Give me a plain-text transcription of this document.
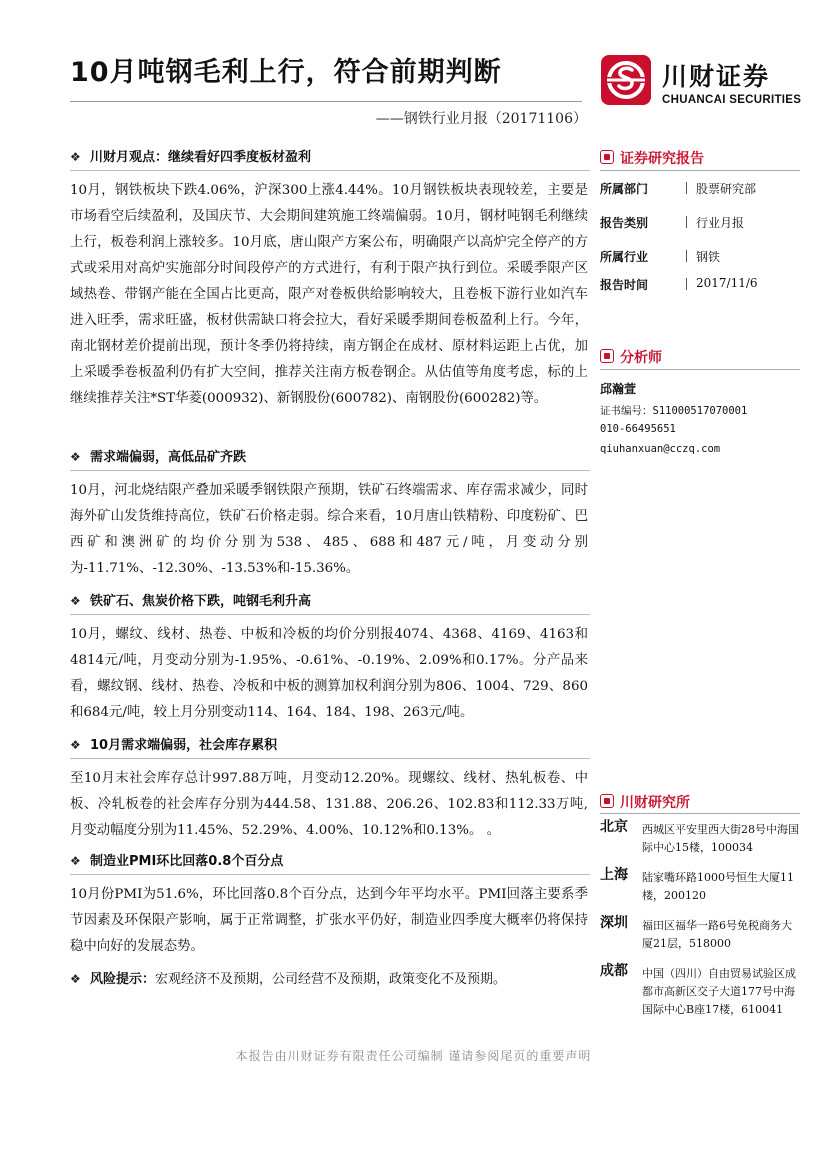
10月吨钢毛利上行，符合前期判断
——钢铁行业月报（20171106）
川财证券
CHUANCAI SECURITIES
❖ 川财月观点：继续看好四季度板材盈利
10月，钢铁板块下跌4.06%，沪深300上涨4.44%。10月钢铁板块表现较差，主要是市场看空后续盈利，及国庆节、大会期间建筑施工终端偏弱。10月，钢材吨钢毛利继续上行，板卷利润上涨较多。10月底，唐山限产方案公布，明确限产以高炉完全停产的方式或采用对高炉实施部分时间段停产的方式进行，有利于限产执行到位。采暖季限产区域热卷、带钢产能在全国占比更高，限产对卷板供给影响较大，且卷板下游行业如汽车进入旺季，需求旺盛，板材供需缺口将会拉大，看好采暖季期间卷板盈利上行。今年，南北钢材差价提前出现，预计冬季仍将持续，南方钢企在成材、原材料运距上占优，加上采暖季卷板盈利仍有扩大空间，推荐关注南方板卷钢企。从估值等角度考虑，标的上继续推荐关注*ST华菱(000932)、新钢股份(600782)、南钢股份(600282)等。
❖ 需求端偏弱，高低品矿齐跌
10月，河北烧结限产叠加采暖季钢铁限产预期，铁矿石终端需求、库存需求减少，同时海外矿山发货维持高位，铁矿石价格走弱。综合来看，10月唐山铁精粉、印度粉矿、巴西矿和澳洲矿的均价分别为538、485、688和487元/吨，月变动分别为-11.71%、-12.30%、-13.53%和-15.36%。
❖ 铁矿石、焦炭价格下跌，吨钢毛利升高
10月，螺纹、线材、热卷、中板和冷板的均价分别报4074、4368、4169、4163和4814元/吨，月变动分别为-1.95%、-0.61%、-0.19%、2.09%和0.17%。分产品来看，螺纹钢、线材、热卷、冷板和中板的测算加权利润分别为806、1004、729、860和684元/吨，较上月分别变动114、164、184、198、263元/吨。
❖ 10月需求端偏弱，社会库存累积
至10月末社会库存总计997.88万吨，月变动12.20%。现螺纹、线材、热轧板卷、中板、冷轧板卷的社会库存分别为444.58、131.88、206.26、102.83和112.33万吨,月变动幅度分别为11.45%、52.29%、4.00%、10.12%和0.13%。 。
❖ 制造业PMI环比回落0.8个百分点
10月份PMI为51.6%，环比回落0.8个百分点，达到今年平均水平。PMI回落主要系季节因素及环保限产影响，属于正常调整，扩张水平仍好，制造业四季度大概率仍将保持稳中向好的发展态势。
❖ 风险提示：宏观经济不及预期，公司经营不及预期，政策变化不及预期。
证券研究报告
所属部门	股票研究部
报告类别	行业月报
所属行业	钢铁
报告时间	2017/11/6
分析师
邱瀚萱
证书编号：S1100051707000​1
010-66495651
qiuhanxuan@cczq.com
川财研究所
北京 西城区平安里西大街28号中海国际中心15楼，100034
上海 陆家嘴环路1000号恒生大厦11楼，200120
深圳 福田区福华一路6号免税商务大厦21层，518000
成都 中国（四川）自由贸易试验区成都市高新区交子大道177号中海国际中心B座17楼，610041
本报告由川财证券有限责任公司编制 谨请参阅尾页的重要声明
